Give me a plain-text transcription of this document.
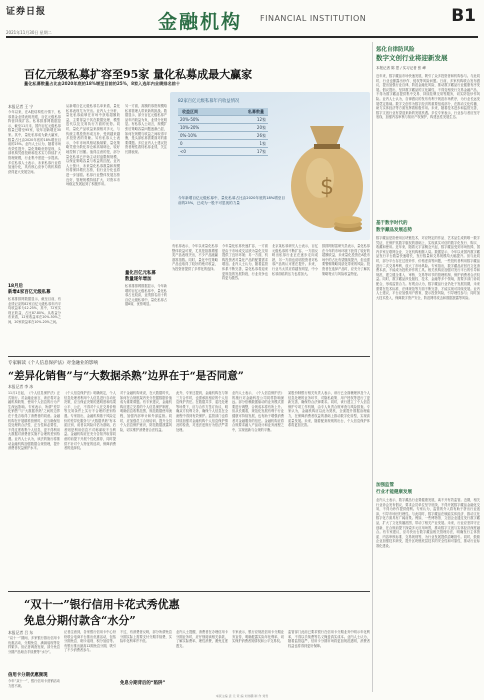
证券日报
2021年11月30日 星期二	金融机构 FINANCIAL INSTITUTION	B1
百亿元级私募扩容至95家 量化私募成最大赢家
量化私募数量占比由2020年底的18%增至目前的25%，8家入选年内业绩排名前十
本报记者 王 宁
今年以来，在A股结构性行情下，私募基金业绩表现亮眼，百亿元级私募阵营持续扩容。私募排排网数据显示，截至11月末，国内百亿元级私募数量已增至95家，较年初新增近30家。其中，量化私募成为最大赢家，数量占比由2020年底的18%增至目前的25%。业内人士认为，随着市场有效性提升，量化策略优势显现，头部机构凭借投研和技术实力持续扩大管理规模，行业集中度进一步提高。多位私募人士表示，未来私募行业将加速分化，具有核心竞争力的机构将获得更大发展空间。
18月后
新增4家百亿元级私募
私募排排网数据显示，截至目前，有业绩记录的82家百亿元级私募年内平均收益率为12.25%，其中，72家实现正收益，占比87.80%。从收益分布来看，12家收益率在20%-50%之间，20家收益率在10%-20%之间。
从新增百亿元级私募名单来看，量化私募表现尤为突出。业内人士分析，量化私募能够在市场中获取超额收益，主要得益于其在数据处理、模型迭代以及交易执行方面的优势。同时，量化产品收益来源相对多元，与传统主观投资形成互补，受到越来越多投资者的青睐。另有私募人士表示，今年市场风格切换频繁，量化策略凭借分散化持仓和高频调仓，较好地控制了回撤。值得注意的是，部分量化私募已开始主动封盘限制规模，以保证策略容量与收益的匹配。业内人士预计，未来量化私募数量和规模仍将保持增长态势，但行业分化也将进一步加剧。私募行业整体发展态势良好，管理规模持续扩大，对资本市场稳定发展起到了积极作用。
另一方面，高额的募资规模给私募管理人带来新的挑战。数据显示，部分百亿元级私募产品年内收益为负，业绩分化明显。有私募人士坦言，规模扩张后策略容量问题逐渐凸显，如何在规模与收益之间取得平衡，是头部私募需要面对的重要课题。多位业内人士建议投资者理性看待私募业绩，关注长期表现。
量化百亿元私募
数量逐年增加
私募排排网数据显示，今年新增的百亿元级私募中，量化私募占比较高，业绩排名前十的百亿元级私募中，量化私募占据8席，优势明显。
82家百亿元级私募年内收益情况
收益区间	私募数量
20%-50%	12家
10%-20%	20家
0%-10%	26家
0	1家
<0	17家
今年新增百亿元级私募中，量化私募占比由2020年底的18%增至目前的25%，已成为一股不可忽视的力量
$
有私募表示，今年以来量化私募整体收益可观，尤其是指数增强类产品表现突出，不少产品跑赢基准指数。同时，量化中性策略产品也取得了较好的绝对收益，为投资者提供了多样化的选择。
今年量化私募快速扩容，一方面是由于市场成交活跃为量化交易提供了良好环境；另一方面，机构投资者对量化产品的配置需求增加。业内人士认为，随着监管体系不断完善，量化私募将迎来更规范的发展阶段，行业竞争也将更为激烈。
北京某私募研究人士表示，百亿元级私募的不断扩容，一方面反映出私募行业正在逐步走向成熟，另一方面也说明投资者对私募产品的认可度在提升。未来，行业马太效应将越发明显，中小私募面临的压力也将加大。
排排网财富研究员表示，量化私募在今年的市场环境下获得了较好的超额收益，未来量化投资在A股市场中的占比有望继续提升，但也需要警惕策略同质化带来的风险。投资者在选择产品时，应充分了解其策略特点与风险收益特征。
专家解读《个人信息保护法》对金融业的影响
“差异化销售”与“大数据杀熟”边界在于“是否同意”
本报记者 李 冰
11月1日起，《个人信息保护法》正式施行。对金融业而言，该法将对金融机构收集、使用个人信息的行为产生深远影响。专家表示，所谓“差异化销售”与“大数据杀熟”之间的边界在于是否取得了消费者的同意。金融机构在开展精准营销时，应当确保信息处理的合法性、正当性和必要性，不得过度收集个人信息，更不得利用大数据对消费者实施不合理的差别待遇。业内人士认为，该法的施行将推动金融机构加强数据合规管理，提升消费者权益保护水平。
《个人信息保护法》明确规定，个人信息处理者利用个人信息进行自动化决策，应当保证决策的透明度和结果公平、公正，不得对个人在交易价格等交易条件上实行不合理的差别待遇。专家指出，金融机构基于风险定价的差异化服务与“大数据杀熟”有本质区别，前者以风险评估为基础，后者则是利用信息不对称谋取不当利益。金融机构应在充分告知并取得同意的前提下开展个性化推荐，同时提供不针对个人特征的选项，保障消费者的选择权。
对于金融机构来说，在大数据时代，如何在合规框架内充分挖掘数据价值成为重要课题。有专家建议，金融机构应建立完善的个人信息保护制度，明确信息收集范围，规范数据使用流程，加强内部审计和外部监督。同时，应加强员工合规培训，提升全员个人信息保护意识，防范数据泄露风险，切实维护消费者合法权益。
此外，专家还提到，金融机构在与第三方合作时，也需承担相应的个人信息保护责任。在数据共享、委托处理等场景下，应与合作方签订协议，明确双方权利义务，确保个人信息在全流程中得到有效保护。监管部门也将持续加强对金融机构个人信息保护情况的检查，对违法违规行为依法严肃处理。
业内人士表示，《个人信息保护法》的施行对金融科技公司同样影响深远。部分依赖数据驱动的业务模式需要进行调整，合规成本将有所上升。但从长期看，规范化发展有利于行业健康可持续发展，也有助于增强消费者对金融服务的信任。金融机构应将合规要求融入产品设计和业务流程之中，实现创新与合规的平衡。
某股份制银行相关负责人表示，该行已全面梳理涉及个人信息处理的业务环节，对隐私政策、用户授权等进行了更新完善，确保符合法律要求。同时，该行建立了个人信息保护专项工作机制，由专人负责合规审查与风险排查。专家认为，金融机构应以此为契机，全面提升数据治理能力，在保障消费者权益的基础上推动数字化转型，实现高质量发展。未来，随着配套规则的出台，个人信息保护体系将更加完善。
“双十一”银行信用卡花式秀优惠
免息分期付款含“水分”
本报记者 吕 东
“双十一”期间，多家银行推出信用卡优惠活动，分期免息、满减返现等花样繁多。但记者调查发现，部分免息分期产品暗含手续费等“水分”。
信用卡分期优惠频现
今年“双十一”，银行信用卡营销活动力度不减。
记者注意到，各家银行信用卡中心纷纷联合电商平台推出优惠活动，包括分期免息、刷卡返现、积分加倍等。有银行推出最高12期免息分期，吸引了不少消费者参与。
不过，有消费者反映，部分所谓免息分期实际上需要支付分期手续费，实际年化利率并不低。
免息分期背后的“陷阱”
业内人士提醒，消费者在办理信用卡分期业务时，应仔细阅读相关条款，了解实际费率，理性消费，避免过度透支。
专家表示，银行应规范信用卡分期业务宣传，明确披露实际年化利率，切实保护消费者知情权和公平交易权。
监管部门此前已要求银行在信用卡分期业务中明示年化利率，不得以手续费等名义掩盖真实成本。业内人士认为，随着监管趋严，信用卡分期市场将更加规范透明，消费者权益也将得到更好保障。
惩化自律防风险
数字文创行业将迎新发展
本报记者 陈 思 / 实习记者 张 峰
近年来，数字藏品市场快速发展，吸引了众多投资者和机构参与。与此同时，行业也暴露出炒作、侵权等风险问题。日前，多家机构联合发布倡议，提出加强行业自律，防范金融化风险，推动数字藏品行业健康有序发展。倡议提出，坚持数字藏品的文化属性，不得变相发行交易金融产品，不得为数字藏品提供集中交易、持续挂牌交易等服务，切实防范炒作风险。业内人士认为，自律倡议的发布有利于规范市场秩序，为行业长远发展奠定基础。数字文创作为数字经济的重要组成部分，在推动文化传播、助力实体经济等方面发挥着积极作用。未来，随着技术进步和监管完善，数字文创行业有望迎来新的发展机遇。多位专家表示，行业参与者应坚守底线，加强内容审核与知识产权保护，构建良性发展生态。
基于数字时代的
数字藏品发展态势
数字藏品是指使用区块链技术，对应特定的作品、艺术品生成的唯一数字凭证，在保护其数字版权的基础上，实现真实可信的数字化发行、购买、收藏和使用。近年来，随着元宇宙概念兴起，数字藏品受到市场热捧，国内多家互联网企业、文化机构相继入局。数据显示，今年以来国内数字藏品发行平台数量快速增长，发行数量和交易规模均大幅提升。但与此同时，部分平台存在过度炒作、价格虚高等问题，一些投机者利用数字藏品进行二次交易牟利，放大了市场风险。专家指出，数字藏品应回归文化消费本质，不能成为投机炒作的工具。相关机构应加强对发行平台的引导和规范，建立健全准入、审核、交易等环节的管理机制，保护消费者合法权益。同时，数字藏品涉及版权、技术、金融等多个领域，需要多部门协同配合，形成监管合力。有观点认为，数字藏品行业仍处于发展初期，未来需要在技术标准、法律规范等方面不断完善，才能实现可持续发展。业内人士建议，平台应加强用户教育，提示投资风险，引导理性参与；同时加大技术投入，保障数字资产安全，防范网络攻击和数据泄露等风险。
加强监管
行业才能健康发展
业内人士表示，数字藏品行业要健康发展，离不开有效监管。近期，相关行业协会发布倡议，要求会员单位坚守底线，不得开展数字藏品金融化交易，不得为炒作提供便利。专家认为，监管的介入将有助于挤出行业泡沫，引导市场回归理性。与此同时，数字藏品在赋能实体经济、推动文化数字化方面具有广阔前景。例如，一些博物馆、文创企业通过发行数字藏品，扩大了文化传播范围，带动了相关产业发展。未来，行业应坚持守正创新，在合规前提下探索多元应用场景，推动数字文创与实体经济深度融合。有专家建议，应尽快出台数字藏品相关管理办法，明确发行主体资质、内容审核标准、交易规则等，为行业发展提供清晰指引。同时，鼓励企业加强技术研发，提升区块链底层技术的安全性和可靠性，推动行业标准化建设。
本版主编 袁 元 责 编 刘伟鹏 制 作 刘雪
